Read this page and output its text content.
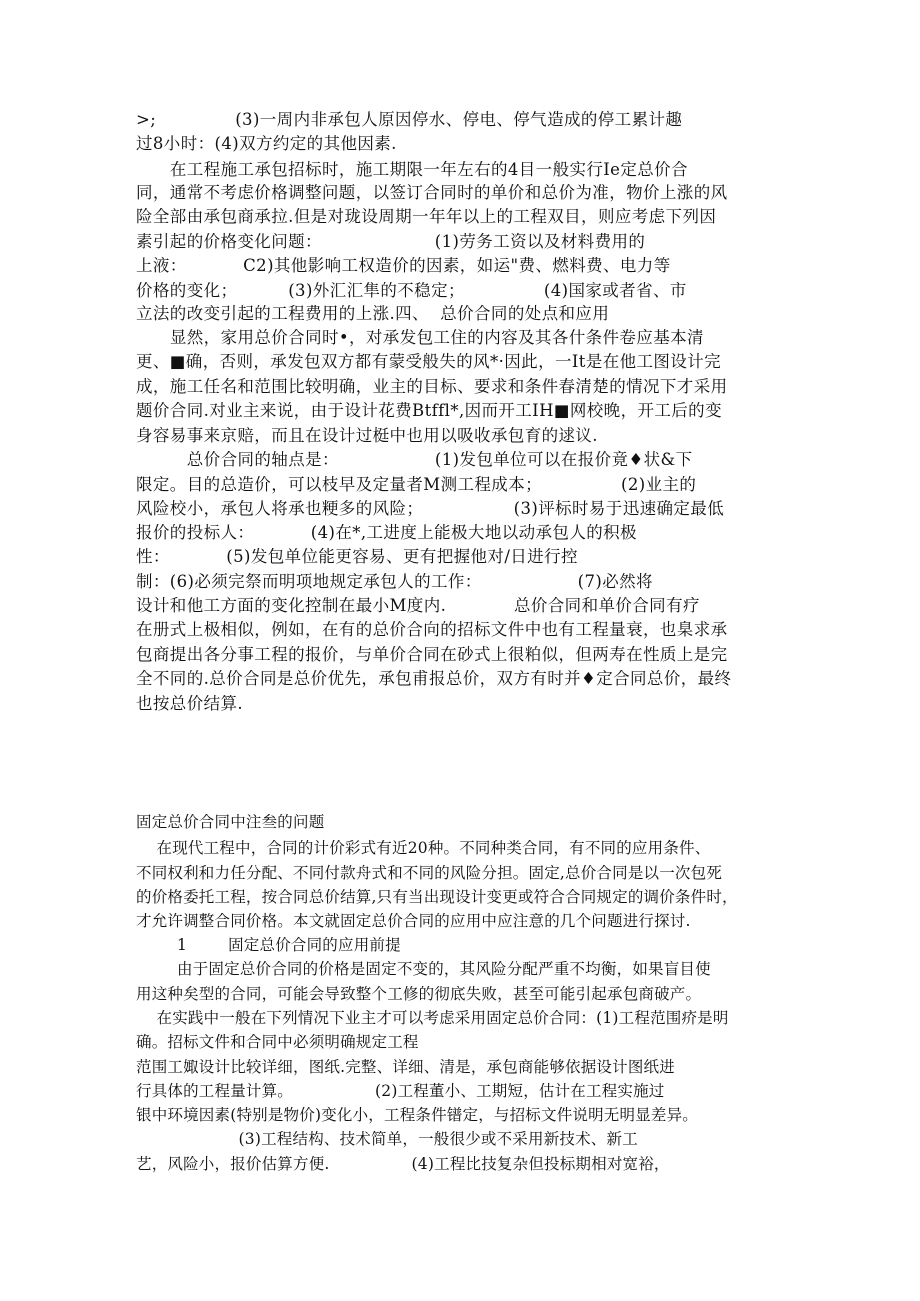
>;              (3)一周内非承包人原因停水、停电、停气造成的停工累计趣
过8小时：(4)双方约定的其他因素.
在工程施工承包招标时，施工期限一年左右的4目一般实行Ie定总价合
同，通常不考虑价格调整问题，以签订合同时的单价和总价为准，物价上涨的风
险全部由承包商承拉.但是对珑设周期一年年以上的工程双目，则应考虑下列因
素引起的价格变化问题：                    (1)劳务工资以及材料费用的
上液：          C2)其他影响工权造价的因素，如运"费、燃料费、电力等
价格的变化；         (3)外汇汇隼的不稳定；              (4)国家或者省、市
立法的改变引起的工程费用的上涨.四、  总价合同的处点和应用
显然，家用总价合同时•，对承发包工住的内容及其各什条件卷应基本清
更、■确，否则，承发包双方都有蒙受般失的风*·因此，一It是在他工图设计完
成，施工任名和范围比较明确，业主的目标、要求和条件春清楚的情况下才采用
题价合同.对业主来说，由于设计花费Btffl*,因而开工IH■网校晚，开工后的变
身容易事来京赔，而且在设计过梃中也用以吸收承包育的逑议.
总价合同的轴点是：                 (1)发包单位可以在报价竟♦状&下
限定。目的总造价，可以枝早及定量者M测工程成本；              (2)业主的
风险校小，承包人将承也粳多的风险；                (3)评标时易于迅速确定最低
报价的投标人：          (4)在*,工进度上能极大地以动承包人的积极
性：          (5)发包单位能更容易、更有把握他对/日进行控
制：(6)必须完祭而明项地规定承包人的工作：                 (7)必然将
设计和他工方面的变化控制在最小M度内.            总价合同和单价合同有疗
在册式上极相似，例如，在有的总价合向的招标文件中也有工程量衰，也臬求承
包商提出各分事工程的报价，与单价合同在砂式上很粕似，但两寿在性质上是完
全不同的.总价合同是总价优先，承包甫报总价，双方有时并♦定合同总价，最终
也按总价结算.
固定总价合同中注叁的问题
在现代工程中，合同的计价彩式有近20种。不同种类合同，有不同的应用条件、
不同权利和力任分配、不同付款舟式和不同的风险分担。固定,总价合同是以一次包死
的价格委托工程，按合同总价结算,只有当出现设计变更或符合合同规定的调价条件时，
才允许调整合同价格。本文就固定总价合同的应用中应注意的几个问题进行探讨.
1        固定总价合同的应用前提
由于固定总价合同的价格是固定不变的，其风险分配严重不均衡，如果盲目使
用这种矣型的合同，可能会导致整个工修的彻底失败，甚至可能引起承包商破产。
在实践中一般在下列情况下业主才可以考虑采用固定总价合同：(1)工程范围疥是明
确。招标文件和合同中必须明确规定工程
范围工娵设计比较详细，图纸.完整、详细、清是，承包商能够依据设计图纸进
行具体的工程量计算。                (2)工程董小、工期短，估计在工程实施过
银中环境因素(特别是物价)变化小，工程条件镨定，与招标文件说明无明显差异。
(3)工程结构、技术简单，一般很少或不采用新技术、新工
艺，风险小，报价估算方便.                (4)工程比技复杂但投标期相对宽裕，
